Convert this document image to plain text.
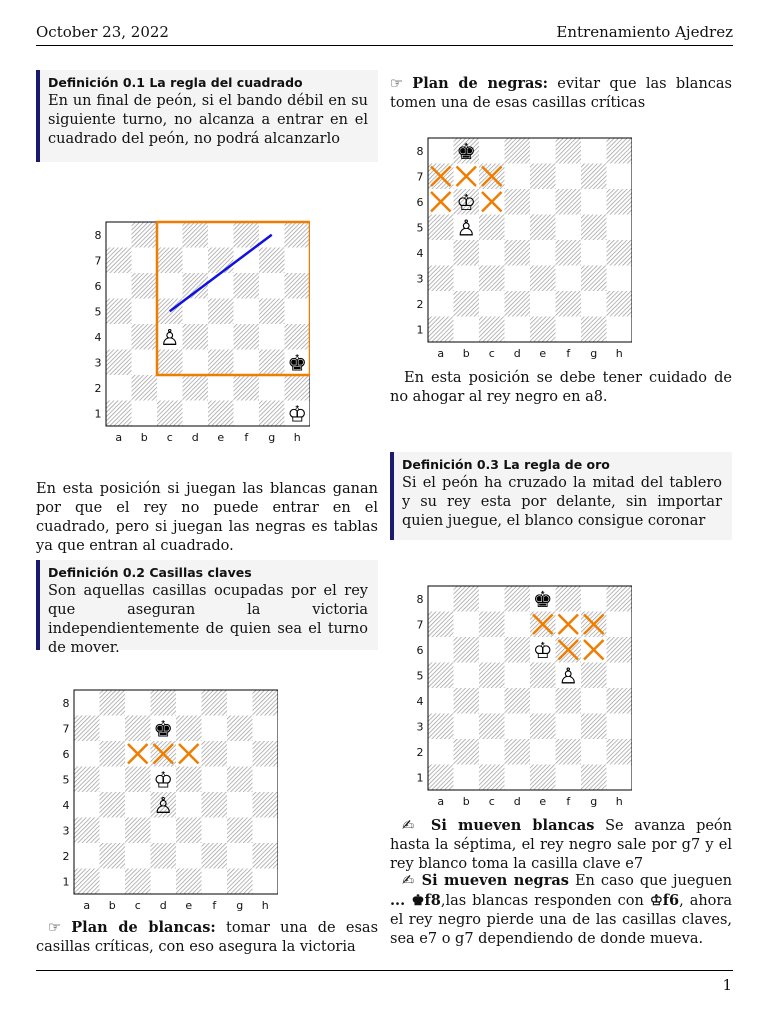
October 23, 2022	Entrenamiento Ajedrez
Definición 0.1 La regla del cuadrado
En un final de peón, si el bando débil en su siguiente turno, no alcanza a entrar en el cuadrado del peón, no podrá alcanzarlo
1
2
3
4
5
6
7
8
a b c d e f g h
♙
♚
♔
En esta posición si juegan las blancas ganan por que el rey no puede entrar en el cuadrado, pero si juegan las negras es tablas ya que entran al cuadrado.
Definición 0.2 Casillas claves
Son aquellas casillas ocupadas por el rey que aseguran la victoria independientemente de quien sea el turno de mover.
1
2
3
4
5
6
7
8
a b c d e f g h
♚
♔
♙
☞ Plan de blancas: tomar una de esas casillas críticas, con eso asegura la victoria
☞ Plan de negras: evitar que las blancas tomen una de esas casillas críticas
1
2
3
4
5
6
7
8
a b c d e f g h
♚
♔
♙
En esta posición se debe tener cuidado de no ahogar al rey negro en a8.
Definición 0.3 La regla de oro
Si el peón ha cruzado la mitad del tablero y su rey esta por delante, sin importar quien juegue, el blanco consigue coronar
1
2
3
4
5
6
7
8
a b c d e f g h
♚
♔
♙
✍ Si mueven blancas Se avanza peón hasta la séptima, el rey negro sale por g7 y el rey blanco toma la casilla clave e7
✍ Si mueven negras En caso que jueguen ... ♚f8,las blancas responden con ♔f6, ahora el rey negro pierde una de las casillas claves, sea e7 o g7 dependiendo de donde mueva.
1
